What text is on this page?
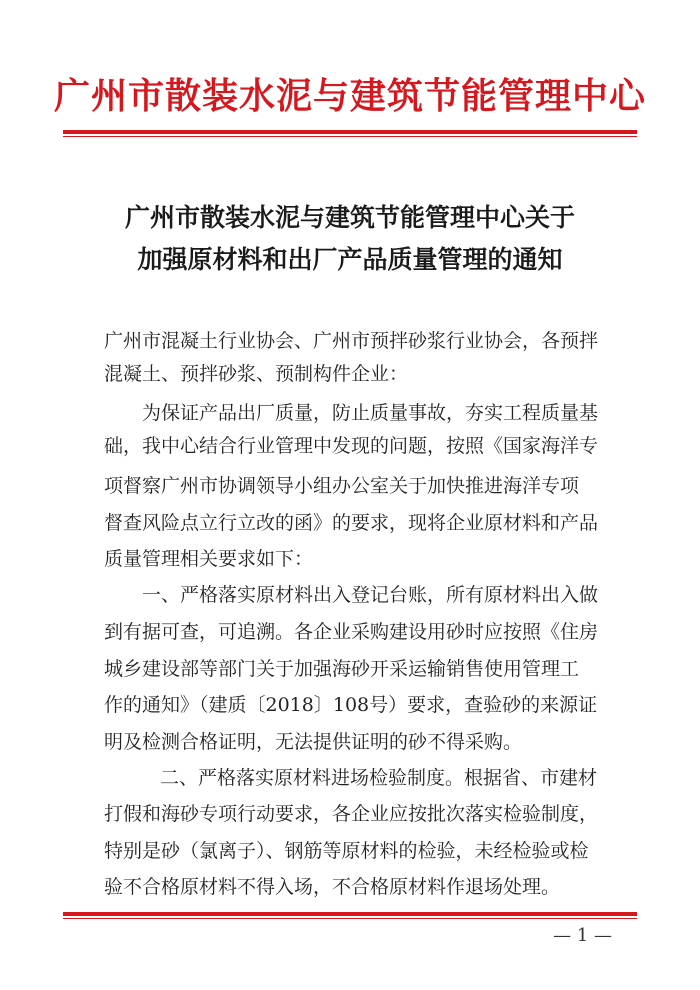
广州市散装水泥与建筑节能管理中心
广州市散装水泥与建筑节能管理中心关于
加强原材料和出厂产品质量管理的通知
广州市混凝土行业协会、广州市预拌砂浆行业协会，各预拌
混凝土、预拌砂浆、预制构件企业：
为保证产品出厂质量，防止质量事故，夯实工程质量基
础，我中心结合行业管理中发现的问题，按照《国家海洋专
项督察广州市协调领导小组办公室关于加快推进海洋专项
督查风险点立行立改的函》的要求，现将企业原材料和产品
质量管理相关要求如下：
一、严格落实原材料出入登记台账，所有原材料出入做
到有据可查，可追溯。各企业采购建设用砂时应按照《住房
城乡建设部等部门关于加强海砂开采运输销售使用管理工
作的通知》（建质〔2018〕108号）要求，查验砂的来源证
明及检测合格证明，无法提供证明的砂不得采购。
二、严格落实原材料进场检验制度。根据省、市建材
打假和海砂专项行动要求，各企业应按批次落实检验制度，
特别是砂（氯离子）、钢筋等原材料的检验，未经检验或检
验不合格原材料不得入场，不合格原材料作退场处理。
— 1 —
